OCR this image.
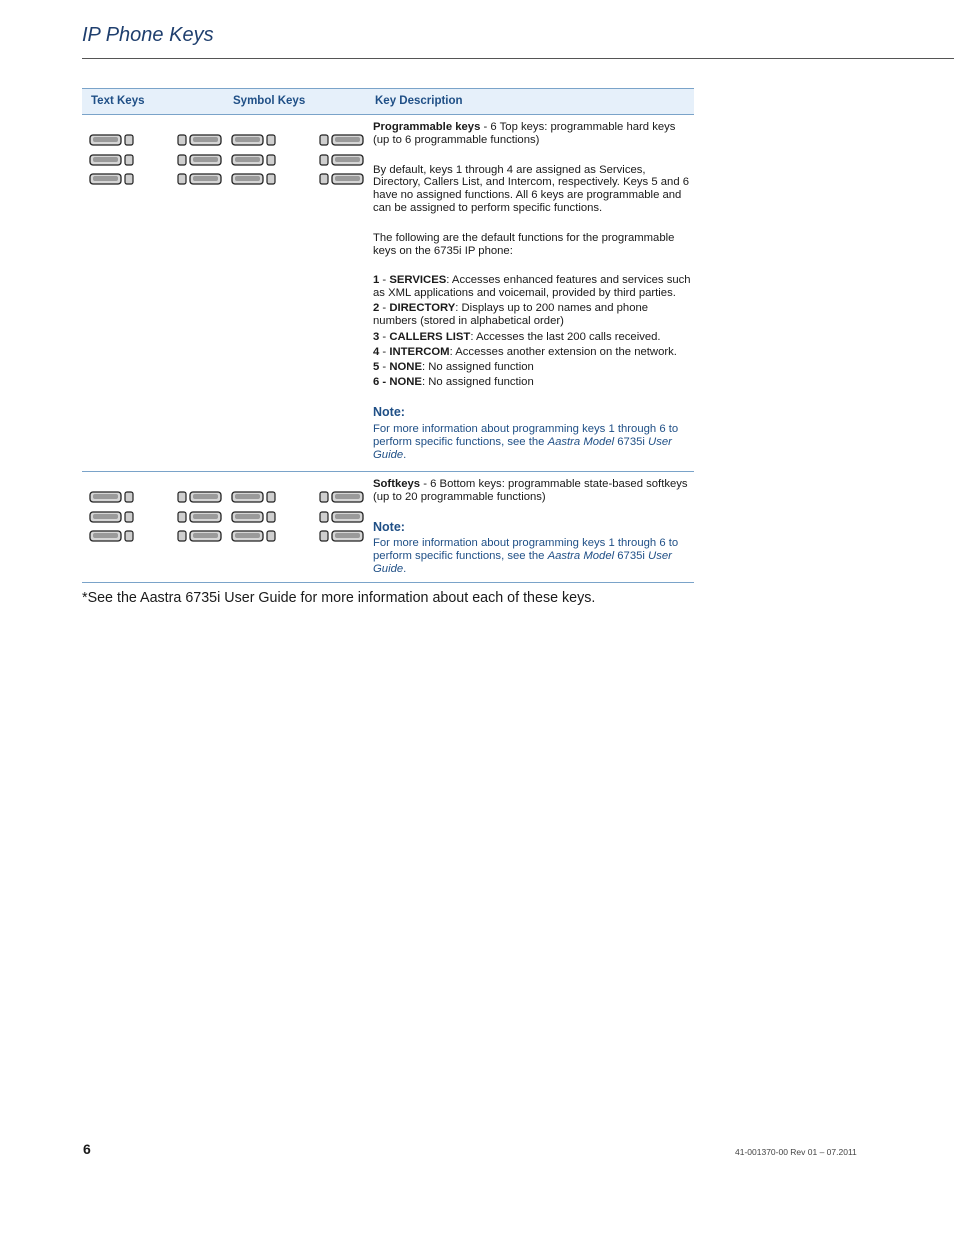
IP Phone Keys
Text Keys	Symbol Keys	Key Description

Programmable keys - 6 Top keys: programmable hard keys (up to 6 programmable functions)

By default, keys 1 through 4 are assigned as Services, Directory, Callers List, and Intercom, respectively. Keys 5 and 6 have no assigned functions. All 6 keys are programmable and can be assigned to perform specific functions.

The following are the default functions for the programmable keys on the 6735i IP phone:

1 - SERVICES: Accesses enhanced features and services such as XML applications and voicemail, provided by third parties.

2 - DIRECTORY: Displays up to 200 names and phone numbers (stored in alphabetical order)

3 - CALLERS LIST: Accesses the last 200 calls received.

4 - INTERCOM: Accesses another extension on the network.

5 - NONE: No assigned function

6 - NONE: No assigned function

Note:

For more information about programming keys 1 through 6 to perform specific functions, see the Aastra Model 6735i User Guide.

Softkeys - 6 Bottom keys: programmable state-based softkeys (up to 20 programmable functions)

Note:

For more information about programming keys 1 through 6 to perform specific functions, see the Aastra Model 6735i User Guide.

*See the Aastra 6735i User Guide for more information about each of these keys.
6	41-001370-00 Rev 01 – 07.2011
